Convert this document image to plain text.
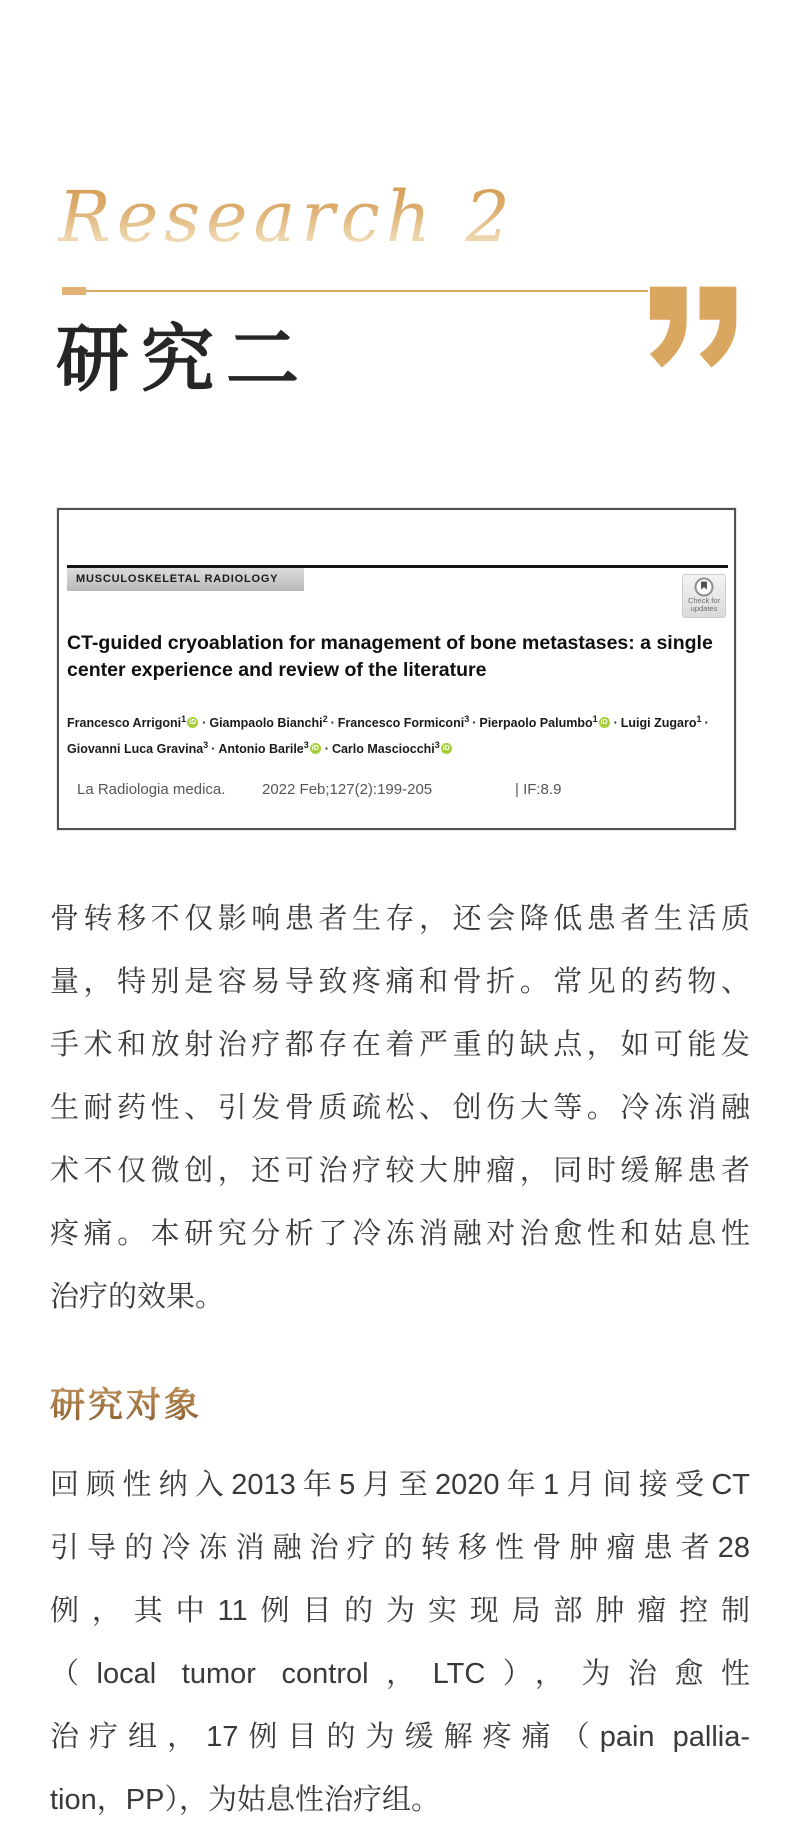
Research 2
研究二
MUSCULOSKELETAL RADIOLOGY
Check for
updates
CT-guided cryoablation for management of bone metastases: a single
center experience and review of the literature
Francesco Arrigoni$^1$ iD · Giampaolo Bianchi$^2$ · Francesco Formiconi$^3$ · Pierpaolo Palumbo$^1$ iD · Luigi Zugaro$^1$ ·
Giovanni Luca Gravina$^3$ · Antonio Barile$^3$ iD · Carlo Masciocchi$^3$ iD
La Radiologia medica. 2022 Feb;127(2):199-205	| IF:8.9
骨转移不仅影响患者生存，还会降低患者生活质
量，特别是容易导致疼痛和骨折。常见的药物、
手术和放射治疗都存在着严重的缺点，如可能发
生耐药性、引发骨质疏松、创伤大等。冷冻消融
术不仅微创，还可治疗较大肿瘤，同时缓解患者
疼痛。本研究分析了冷冻消融对治愈性和姑息性
治疗的效果。
研究对象
回顾性纳入2013年5月至2020年1月间接受CT
引导的冷冻消融治疗的转移性骨肿瘤患者28
例，其中11例目的为实现局部肿瘤控制
（local tumor control，LTC），为治愈性
治疗组，17例目的为缓解疼痛（pain pallia-
tion，PP），为姑息性治疗组。
